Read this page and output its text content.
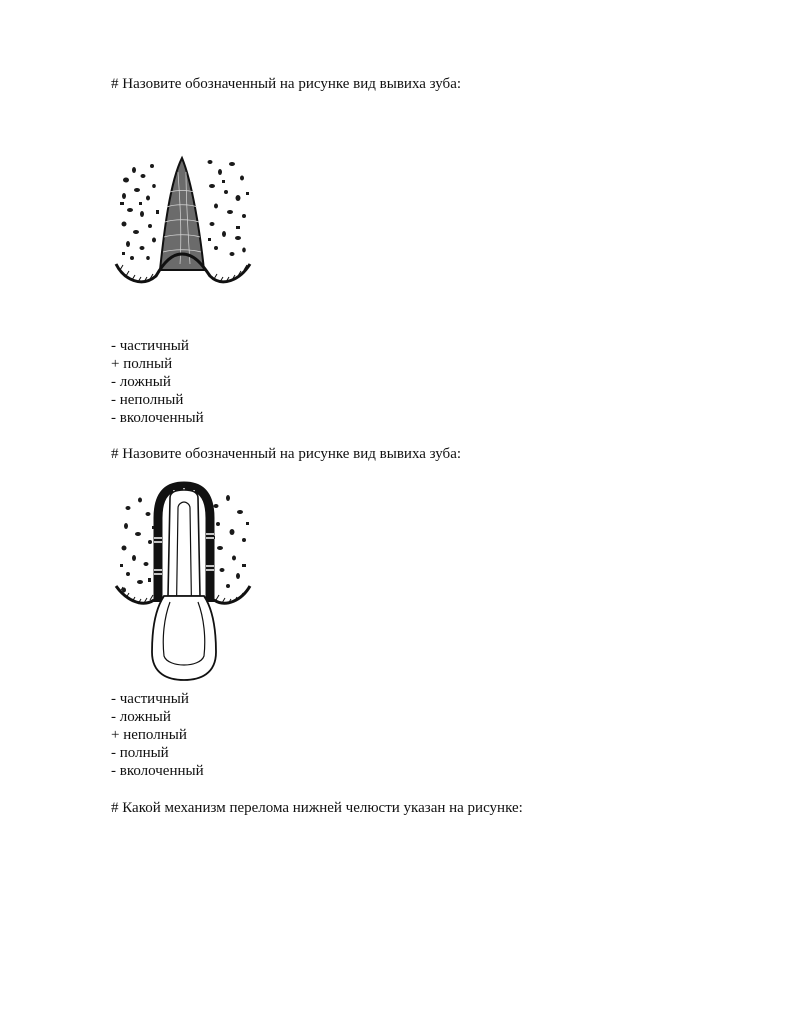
# Назовите обозначенный на рисунке вид вывиха зуба:

- частичный
+ полный
- ложный
- неполный
- вколоченный

# Назовите обозначенный на рисунке вид вывиха зуба:

- частичный
- ложный
+ неполный
- полный
- вколоченный

# Какой механизм перелома нижней челюсти указан на рисунке:
